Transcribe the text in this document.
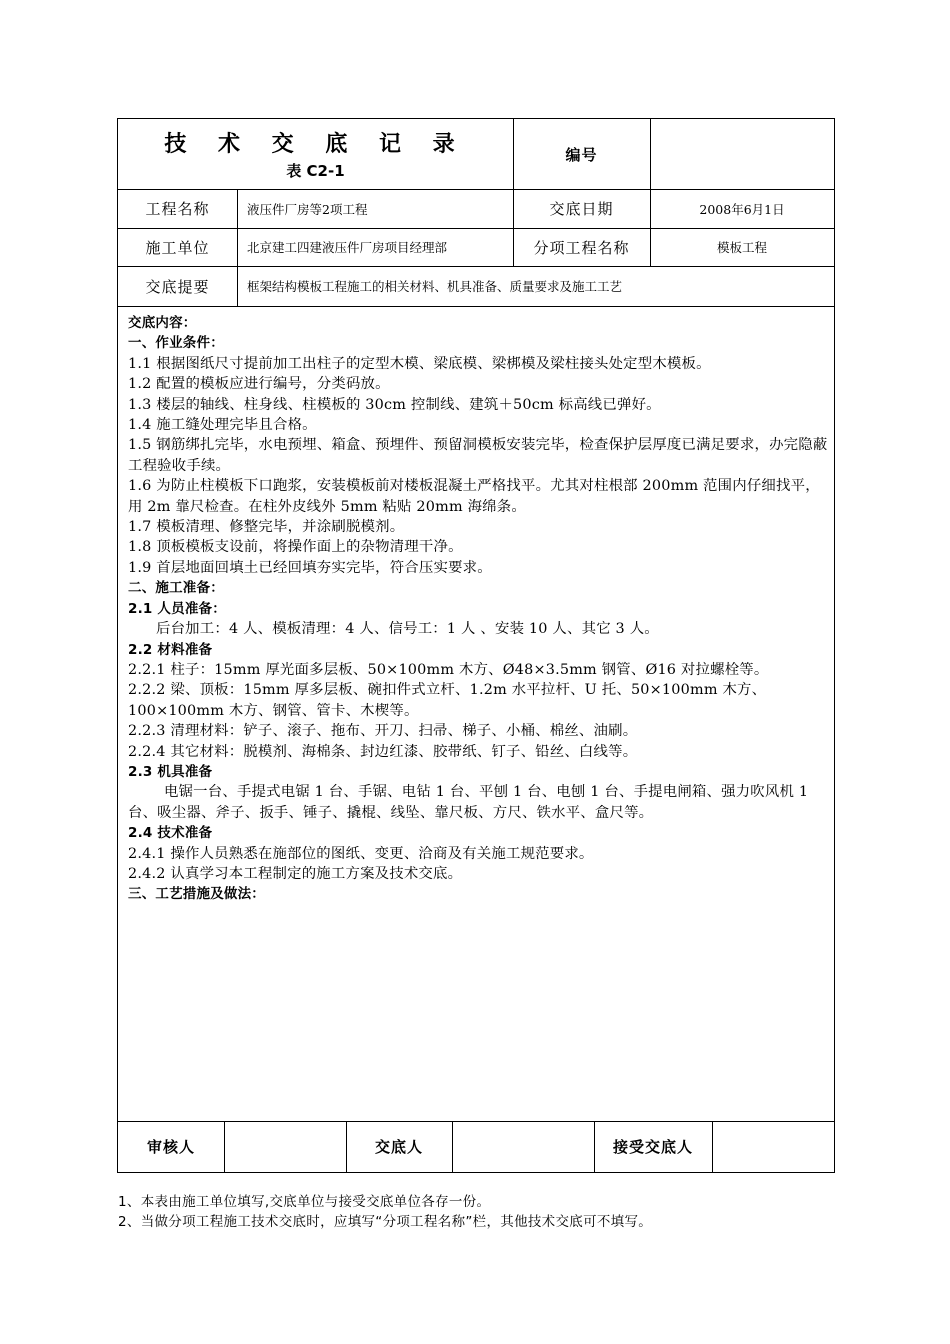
技 术 交 底 记 录
表 C2-1
编号
工程名称	液压件厂房等2项工程	交底日期	2008年6月1日
施工单位	北京建工四建液压件厂房项目经理部	分项工程名称	模板工程
交底提要	框架结构模板工程施工的相关材料、机具准备、质量要求及施工工艺

交底内容：

一、作业条件：

1.1 根据图纸尺寸提前加工出柱子的定型木模、梁底模、梁梆模及梁柱接头处定型木模板。

1.2 配置的模板应进行编号，分类码放。

1.3 楼层的轴线、柱身线、柱模板的 30cm 控制线、建筑＋50cm 标高线已弹好。

1.4 施工缝处理完毕且合格。

1.5 钢筋绑扎完毕，水电预埋、箱盒、预埋件、预留洞模板安装完毕，检查保护层厚度已满足要求，办完隐蔽工程验收手续。

1.6 为防止柱模板下口跑浆，安装模板前对楼板混凝土严格找平。尤其对柱根部 200mm 范围内仔细找平，用 2m 靠尺检查。在柱外皮线外 5mm 粘贴 20mm 海绵条。

1.7 模板清理、修整完毕，并涂刷脱模剂。

1.8 顶板模板支设前，将操作面上的杂物清理干净。

1.9 首层地面回填土已经回填夯实完毕，符合压实要求。

二、施工准备：

2.1 人员准备：

后台加工：4 人、模板清理：4 人、信号工：1 人 、安装 10 人、其它 3 人。

2.2 材料准备

2.2.1 柱子：15mm 厚光面多层板、50×100mm 木方、Ø48×3.5mm 钢管、Ø16 对拉螺栓等。

2.2.2 梁、顶板：15mm 厚多层板、碗扣件式立杆、1.2m 水平拉杆、U 托、50×100mm 木方、100×100mm 木方、钢管、管卡、木楔等。

2.2.3 清理材料：铲子、滚子、拖布、开刀、扫帚、梯子、小桶、棉丝、油刷。

2.2.4 其它材料：脱模剂、海棉条、封边红漆、胶带纸、钉子、铅丝、白线等。

2.3 机具准备

电锯一台、手提式电锯 1 台、手锯、电钻 1 台、平刨 1 台、电刨 1 台、手提电闸箱、强力吹风机 1 台、吸尘器、斧子、扳手、锤子、撬棍、线坠、靠尺板、方尺、铁水平、盒尺等。

2.4 技术准备

2.4.1 操作人员熟悉在施部位的图纸、变更、洽商及有关施工规范要求。

2.4.2 认真学习本工程制定的施工方案及技术交底。

三、工艺措施及做法：

审核人	交底人	接受交底人
1、本表由施工单位填写,交底单位与接受交底单位各存一份。
2、当做分项工程施工技术交底时，应填写“分项工程名称”栏，其他技术交底可不填写。
